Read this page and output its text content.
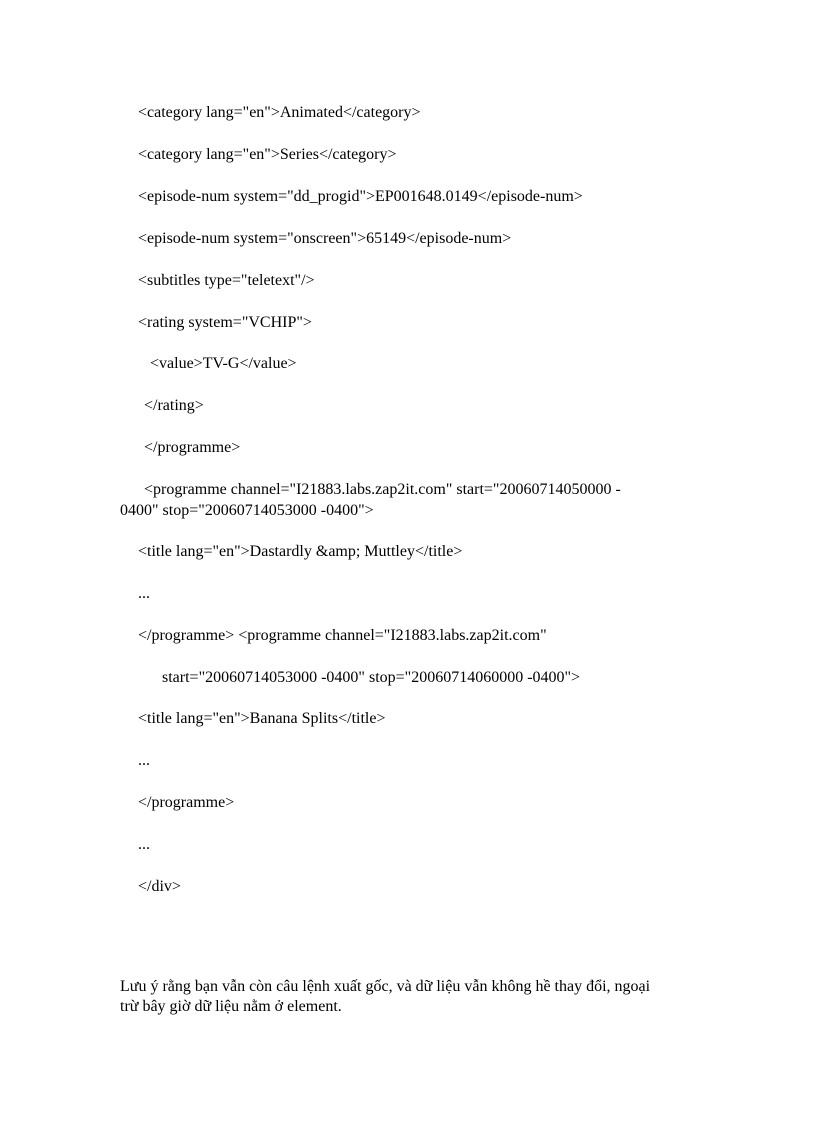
<category lang="en">Animated</category>
<category lang="en">Series</category>
<episode-num system="dd_progid">EP001648.0149</episode-num>
<episode-num system="onscreen">65149</episode-num>
<subtitles type="teletext"/>
<rating system="VCHIP">
<value>TV-G</value>
</rating>
</programme>
<programme channel="I21883.labs.zap2it.com" start="20060714050000 -
0400" stop="20060714053000 -0400">
<title lang="en">Dastardly &amp; Muttley</title>
...
</programme> <programme channel="I21883.labs.zap2it.com"
start="20060714053000 -0400" stop="20060714060000 -0400">
<title lang="en">Banana Splits</title>
...
</programme>
...
</div>
Lưu ý rằng bạn vẫn còn câu lệnh xuất gốc, và dữ liệu vẫn không hề thay đổi, ngoại
trừ bây giờ dữ liệu nằm ở element.
